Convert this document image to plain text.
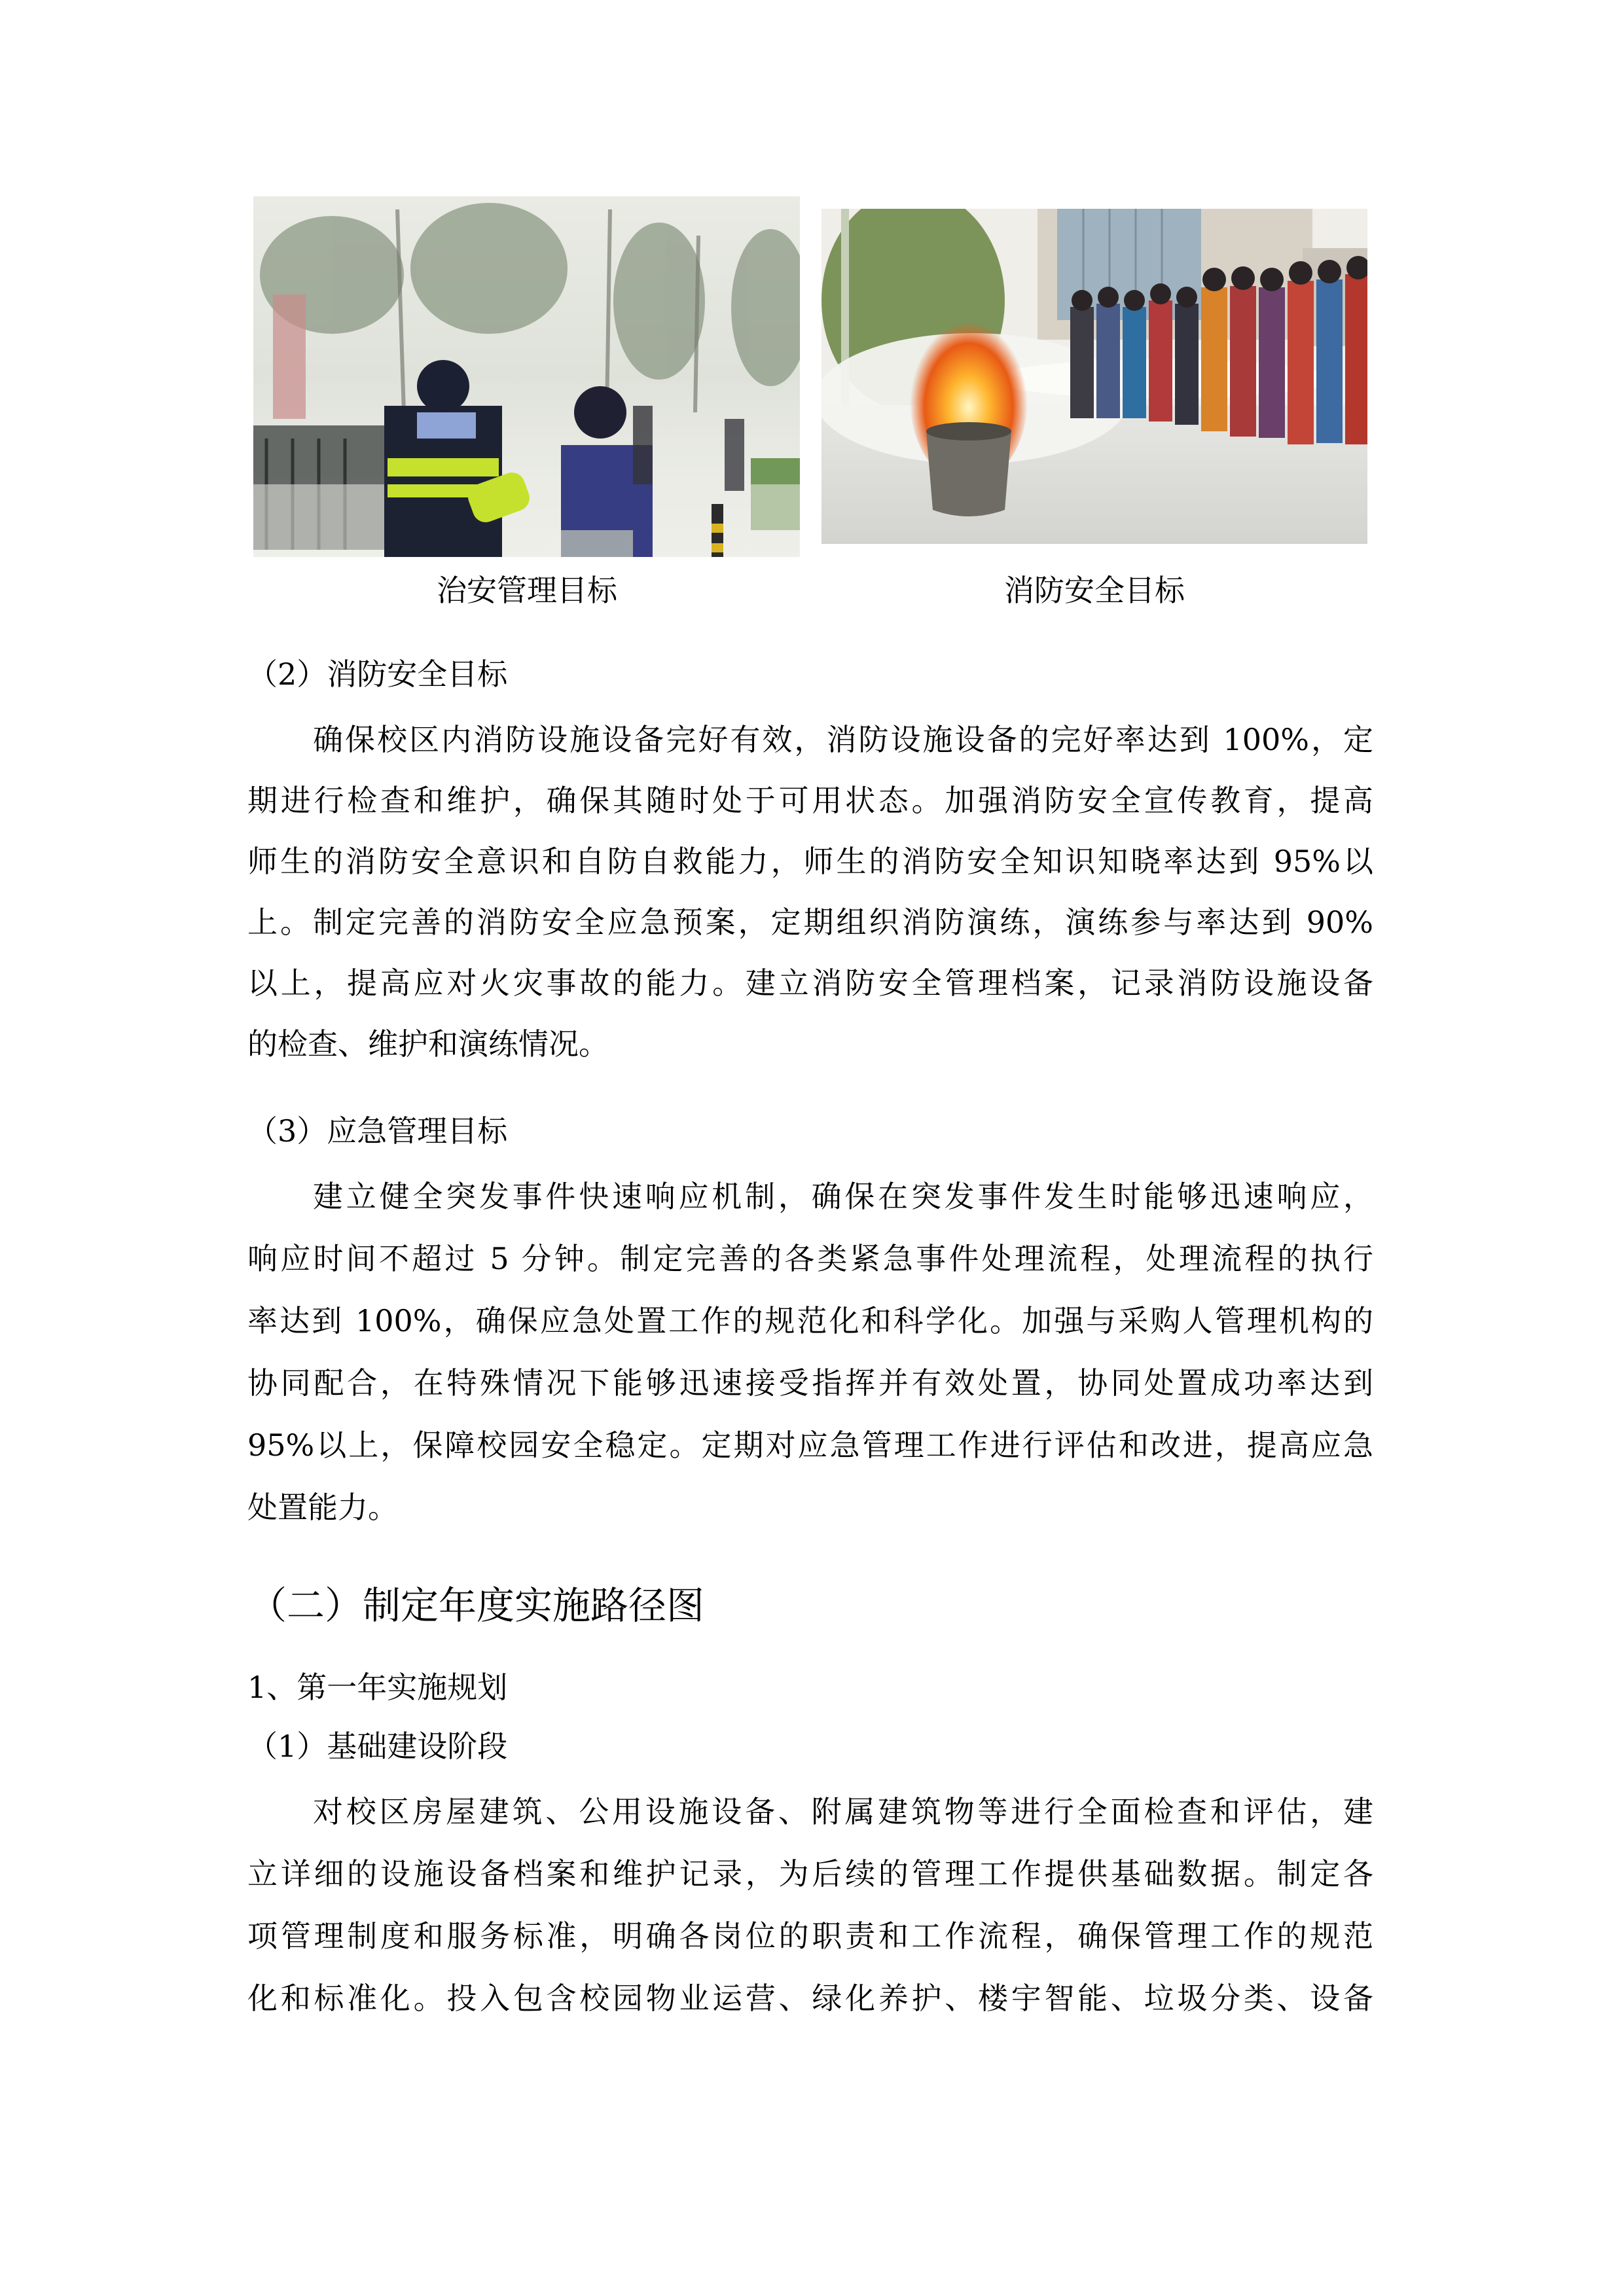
治安管理目标	消防安全目标
（2）消防安全目标
确保校区内消防设施设备完好有效，消防设施设备的完好率达到 100%，定
期进行检查和维护，确保其随时处于可用状态。加强消防安全宣传教育，提高
师生的消防安全意识和自防自救能力，师生的消防安全知识知晓率达到 95%以
上。制定完善的消防安全应急预案，定期组织消防演练，演练参与率达到 90%
以上，提高应对火灾事故的能力。建立消防安全管理档案，记录消防设施设备
的检查、维护和演练情况。
（3）应急管理目标
建立健全突发事件快速响应机制，确保在突发事件发生时能够迅速响应，
响应时间不超过 5 分钟。制定完善的各类紧急事件处理流程，处理流程的执行
率达到 100%，确保应急处置工作的规范化和科学化。加强与采购人管理机构的
协同配合，在特殊情况下能够迅速接受指挥并有效处置，协同处置成功率达到
95%以上，保障校园安全稳定。定期对应急管理工作进行评估和改进，提高应急
处置能力。
（二）制定年度实施路径图
1、第一年实施规划
（1）基础建设阶段
对校区房屋建筑、公用设施设备、附属建筑物等进行全面检查和评估，建
立详细的设施设备档案和维护记录，为后续的管理工作提供基础数据。制定各
项管理制度和服务标准，明确各岗位的职责和工作流程，确保管理工作的规范
化和标准化。投入包含校园物业运营、绿化养护、楼宇智能、垃圾分类、设备
